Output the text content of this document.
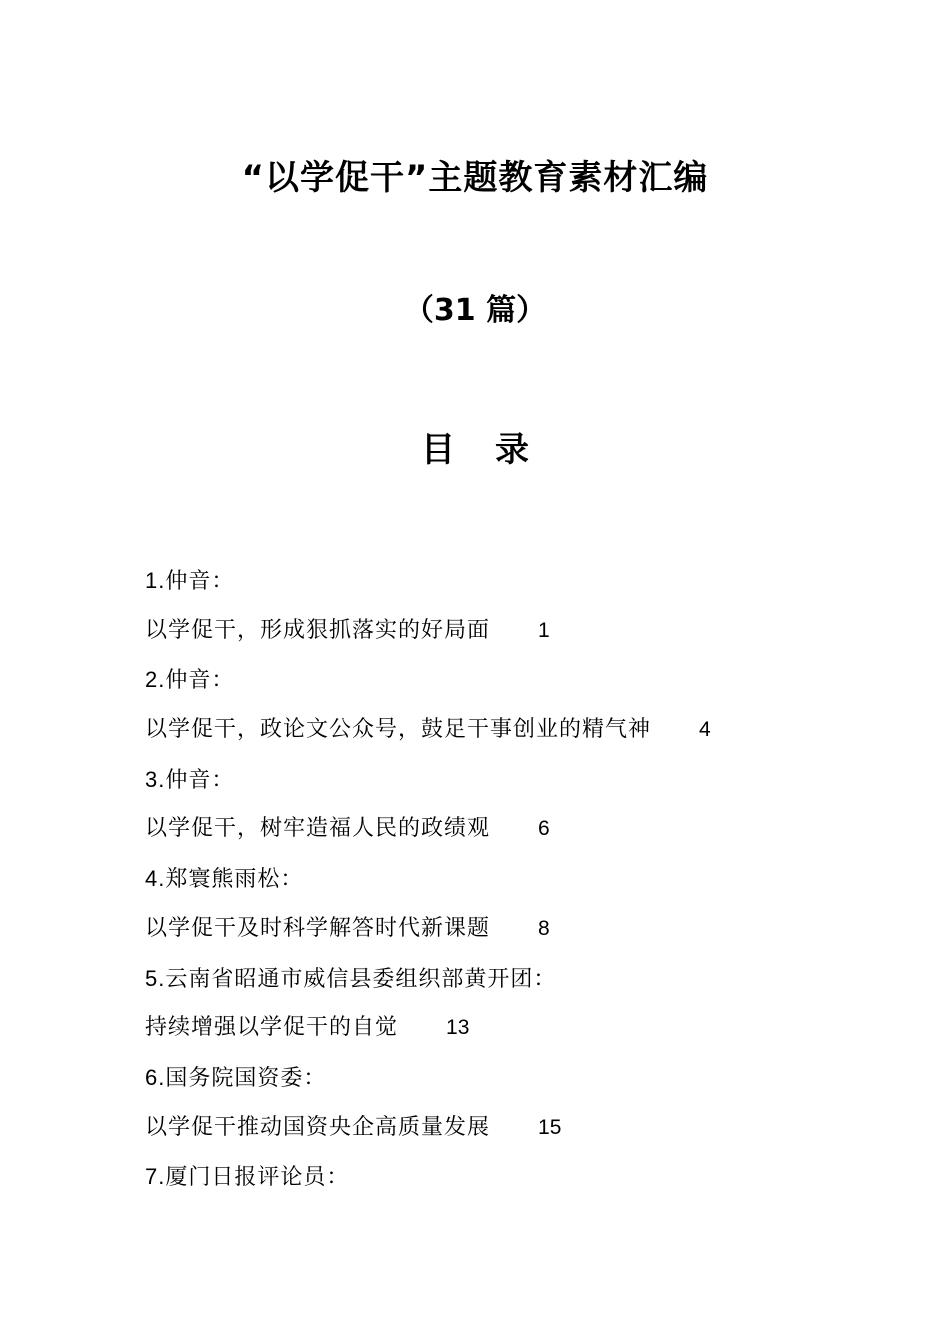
“以学促干”主题教育素材汇编
（31 篇）
目 录
1.仲音：
以学促干，形成狠抓落实的好局面 1
2.仲音：
以学促干，政论文公众号，鼓足干事创业的精气神 4
3.仲音：
以学促干，树牢造福人民的政绩观 6
4.郑寰熊雨松：
以学促干及时科学解答时代新课题 8
5.云南省昭通市威信县委组织部黄开团：
持续增强以学促干的自觉 13
6.国务院国资委：
以学促干推动国资央企高质量发展 15
7.厦门日报评论员：
